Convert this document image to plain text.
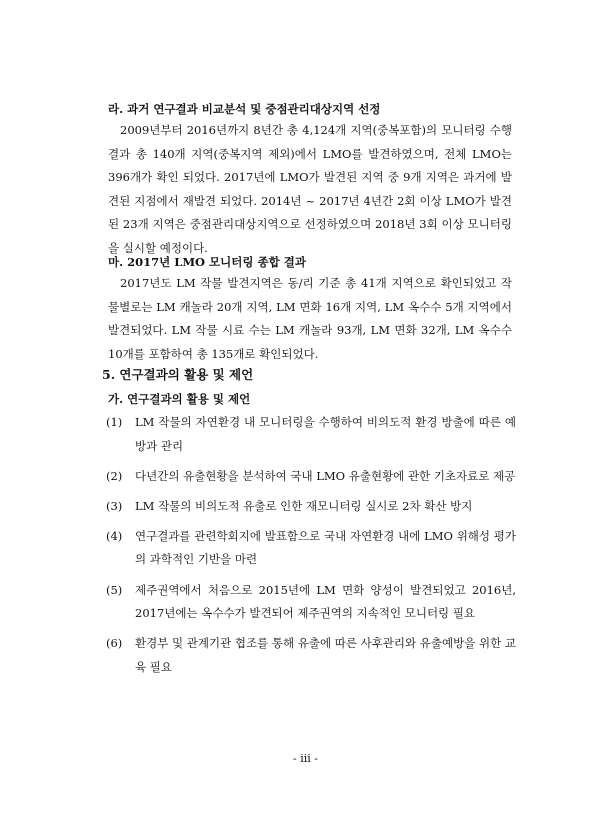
라. 과거 연구결과 비교분석 및 중점관리대상지역 선정

2009년부터 2016년까지 8년간 총 4,124개 지역(중복포함)의 모니터링 수행결과 총 140개 지역(중복지역 제외)에서 LMO를 발견하였으며, 전체 LMO는 396개가 확인 되었다. 2017년에 LMO가 발견된 지역 중 9개 지역은 과거에 발견된 지점에서 재발견 되었다. 2014년 ~ 2017년 4년간 2회 이상 LMO가 발견된 23개 지역은 중점관리대상지역으로 선정하였으며 2018년 3회 이상 모니터링을 실시할 예정이다.

마. 2017년 LMO 모니터링 종합 결과

2017년도 LM 작물 발견지역은 동/리 기준 총 41개 지역으로 확인되었고 작물별로는 LM 캐놀라 20개 지역, LM 면화 16개 지역, LM 옥수수 5개 지역에서 발견되었다. LM 작물 시료 수는 LM 캐놀라 93개, LM 면화 32개, LM 옥수수 10개를 포함하여 총 135개로 확인되었다.

5. 연구결과의 활용 및 제언
가. 연구결과의 활용 및 제언
(1) LM 작물의 자연환경 내 모니터링을 수행하여 비의도적 환경 방출에 따른 예방과 관리
(2) 다년간의 유출현황을 분석하여 국내 LMO 유출현황에 관한 기초자료로 제공
(3) LM 작물의 비의도적 유출로 인한 재모니터링 실시로 2차 확산 방지
(4) 연구결과를 관련학회지에 발표함으로 국내 자연환경 내에 LMO 위해성 평가의 과학적인 기반을 마련
(5) 제주권역에서 처음으로 2015년에 LM 면화 양성이 발견되었고 2016년, 2017년에는 옥수수가 발견되어 제주권역의 지속적인 모니터링 필요
(6) 환경부 및 관계기관 협조를 통해 유출에 따른 사후관리와 유출예방을 위한 교육 필요
- iii -
